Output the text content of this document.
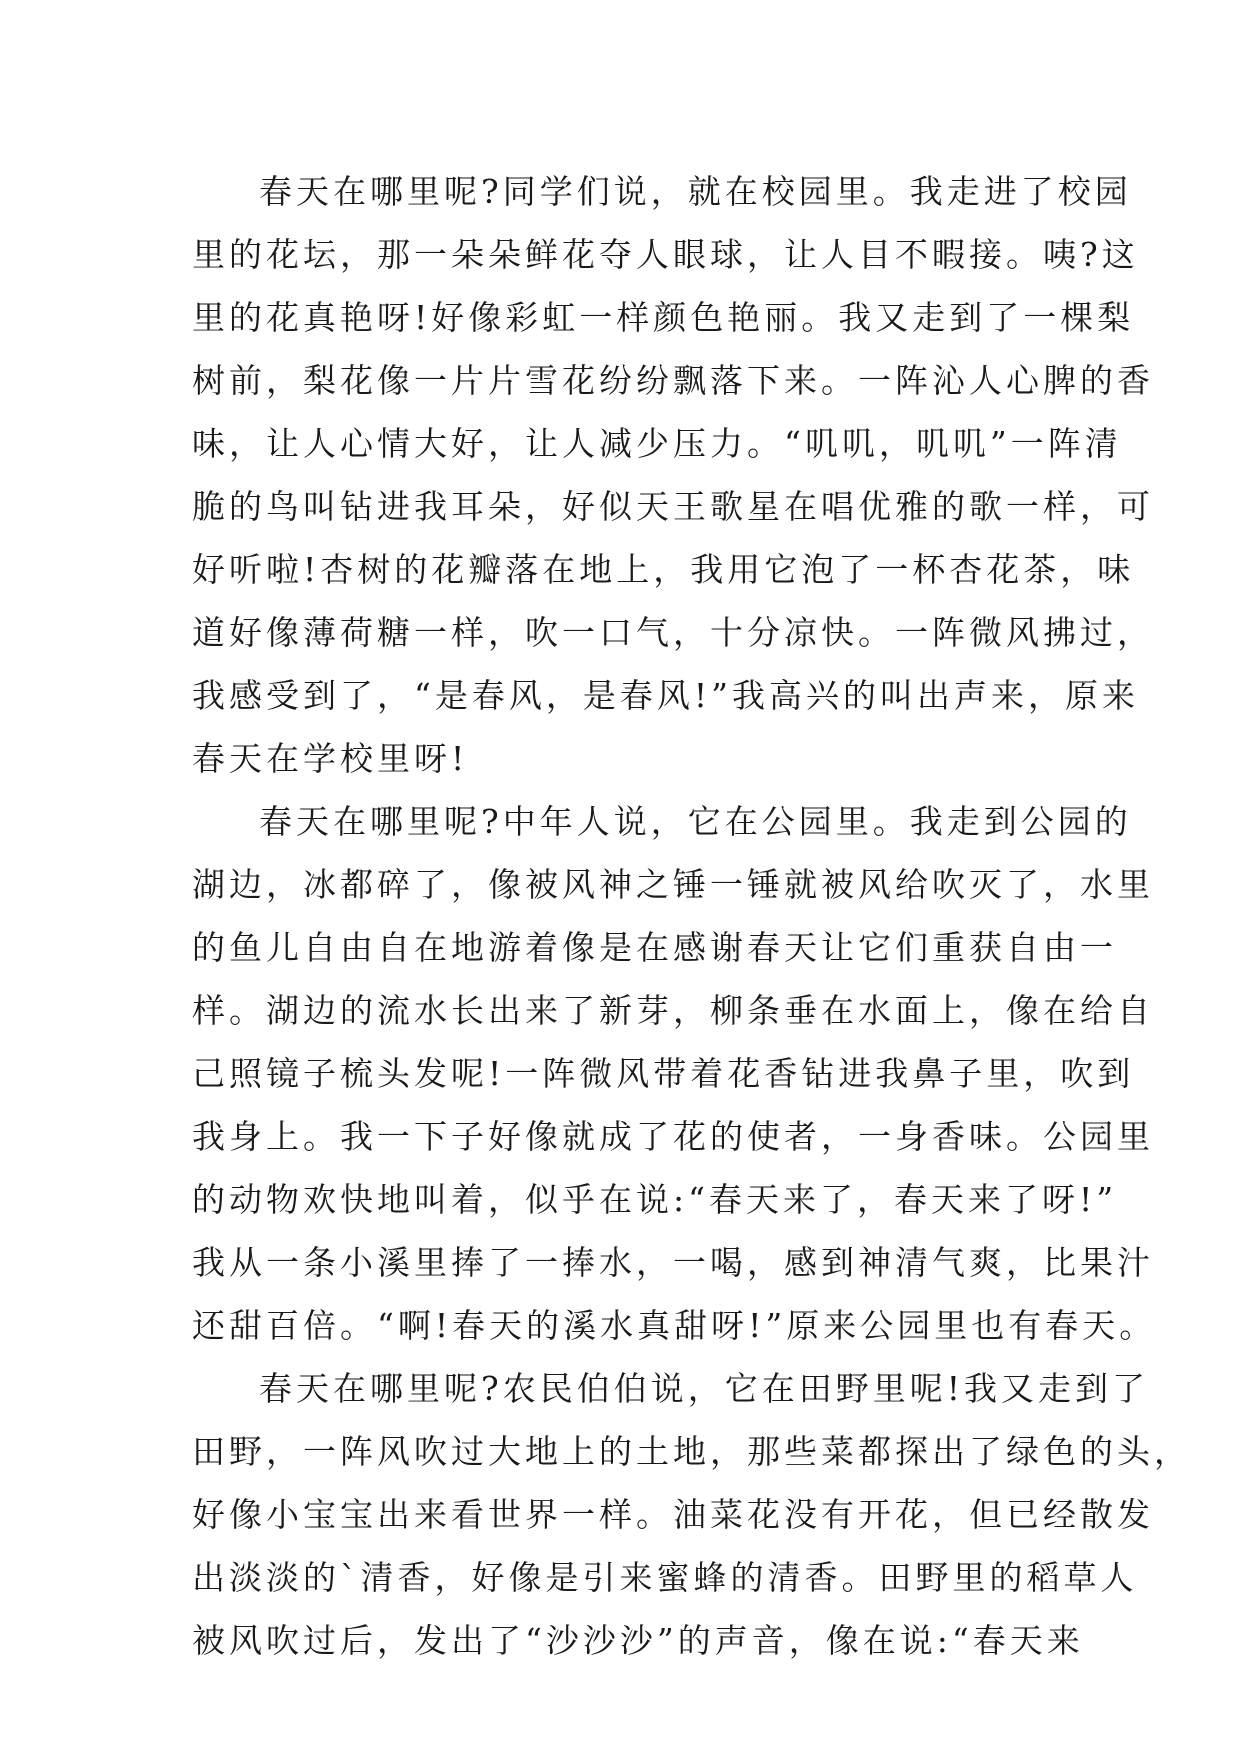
春天在哪里呢?同学们说，就在校园里。我走进了校园
里的花坛，那一朵朵鲜花夺人眼球，让人目不暇接。咦?这
里的花真艳呀!好像彩虹一样颜色艳丽。我又走到了一棵梨
树前，梨花像一片片雪花纷纷飘落下来。一阵沁人心脾的香
味，让人心情大好，让人减少压力。“叽叽，叽叽”一阵清
脆的鸟叫钻进我耳朵，好似天王歌星在唱优雅的歌一样，可
好听啦!杏树的花瓣落在地上，我用它泡了一杯杏花茶，味
道好像薄荷糖一样，吹一口气，十分凉快。一阵微风拂过，
我感受到了，“是春风，是春风!”我高兴的叫出声来，原来
春天在学校里呀!
春天在哪里呢?中年人说，它在公园里。我走到公园的
湖边，冰都碎了，像被风神之锤一锤就被风给吹灭了，水里
的鱼儿自由自在地游着像是在感谢春天让它们重获自由一
样。湖边的流水长出来了新芽，柳条垂在水面上，像在给自
己照镜子梳头发呢!一阵微风带着花香钻进我鼻子里，吹到
我身上。我一下子好像就成了花的使者，一身香味。公园里
的动物欢快地叫着，似乎在说:“春天来了，春天来了呀!”
我从一条小溪里捧了一捧水，一喝，感到神清气爽，比果汁
还甜百倍。“啊!春天的溪水真甜呀!”原来公园里也有春天。
春天在哪里呢?农民伯伯说，它在田野里呢!我又走到了
田野，一阵风吹过大地上的土地，那些菜都探出了绿色的头，
好像小宝宝出来看世界一样。油菜花没有开花，但已经散发
出淡淡的`清香，好像是引来蜜蜂的清香。田野里的稻草人
被风吹过后，发出了“沙沙沙”的声音，像在说:“春天来
